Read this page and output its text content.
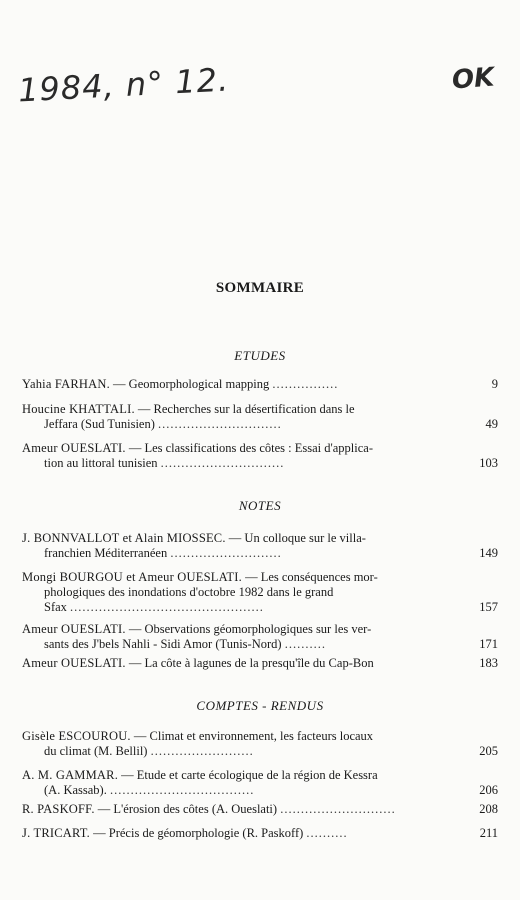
1984, n° 12.	OK
SOMMAIRE
ETUDES
NOTES
COMPTES - RENDUS
Yahia FARHAN. — Geomorphological mapping ................	9
Houcine KHATTALI. — Recherches sur la désertification dans le
Jeffara (Sud Tunisien) ..............................	49
Ameur OUESLATI. — Les classifications des côtes : Essai d'applica-
tion au littoral tunisien ..............................	103
J. BONNVALLOT et Alain MIOSSEC. — Un colloque sur le villa-
franchien Méditerranéen ...........................	149
Mongi BOURGOU et Ameur OUESLATI. — Les conséquences mor-
phologiques des inondations d'octobre 1982 dans le grand
Sfax ...............................................	157
Ameur OUESLATI. — Observations géomorphologiques sur les ver-
sants des J'bels Nahli - Sidi Amor (Tunis-Nord) ..........	171
Ameur OUESLATI. — La côte à lagunes de la presqu'île du Cap-Bon	183
Gisèle ESCOUROU. — Climat et environnement, les facteurs locaux
du climat (M. Bellil) .........................	205
A. M. GAMMAR. — Etude et carte écologique de la région de Kessra
(A. Kassab). ...................................	206
R. PASKOFF. — L'érosion des côtes (A. Oueslati) ............................	208
J. TRICART. — Précis de géomorphologie (R. Paskoff) ..........	211
